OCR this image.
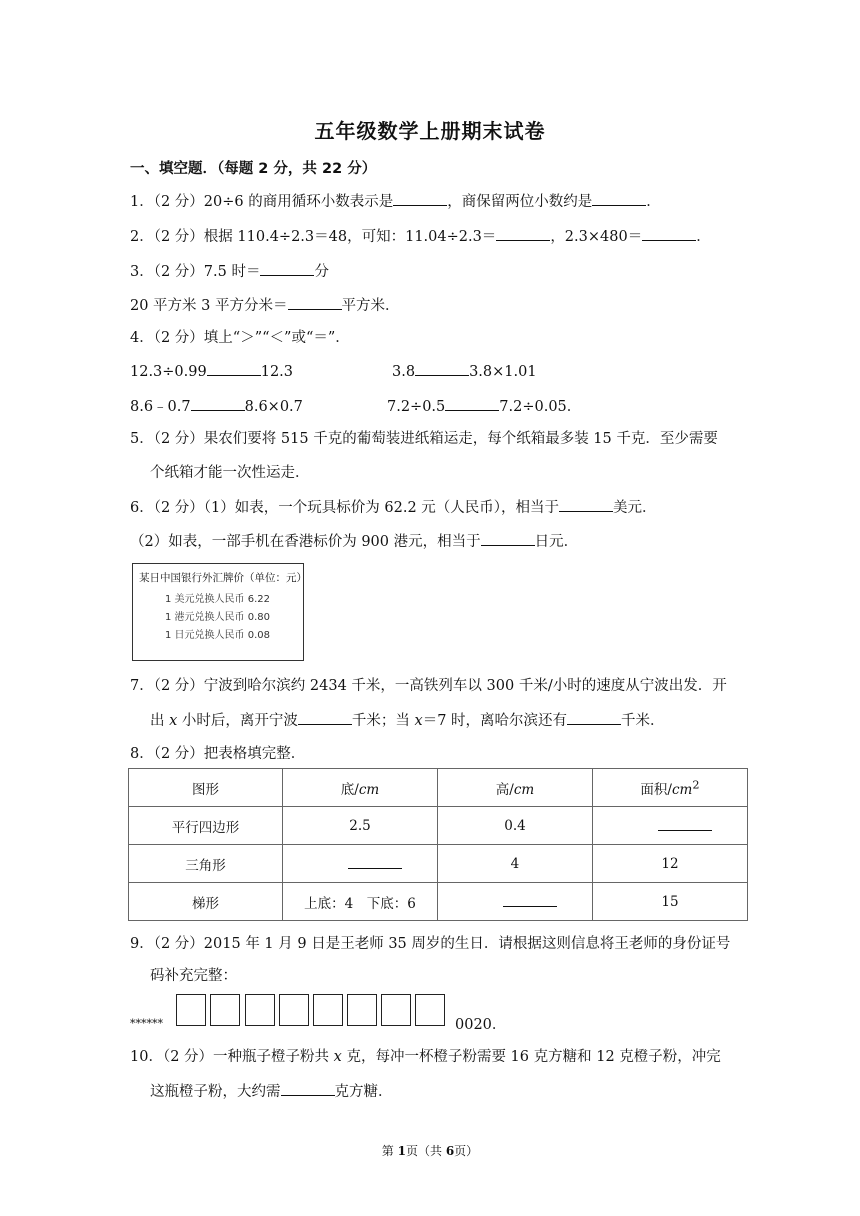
五年级数学上册期末试卷
一、填空题．（每题 2 分，共 22 分）
1．（2 分）20÷6 的商用循环小数表示是	，商保留两位小数约是	．
2．（2 分）根据 110.4÷2.3＝48，可知：11.04÷2.3＝	，2.3×480＝	．
3．（2 分）7.5 时＝	分
20 平方米 3 平方分米＝	平方米．
4．（2 分）填上“＞”“＜”或“＝”．
12.3÷0.99	12.3	3.8	3.8×1.01
8.6﹣0.7	8.6×0.7	7.2÷0.5	7.2÷0.05．
5．（2 分）果农们要将 515 千克的葡萄装进纸箱运走，每个纸箱最多装 15 千克．至少需要
个纸箱才能一次性运走．
6．（2 分）（1）如表，一个玩具标价为 62.2 元（人民币），相当于	美元．
（2）如表，一部手机在香港标价为 900 港元，相当于	日元．
某日中国银行外汇牌价（单位：元）
1 美元兑换人民币 6.22
1 港元兑换人民币 0.80
1 日元兑换人民币 0.08
7．（2 分）宁波到哈尔滨约 2434 千米，一高铁列车以 300 千米/小时的速度从宁波出发．开
出 x 小时后，离开宁波	千米；当 x＝7 时，离哈尔滨还有	千米．
8．（2 分）把表格填完整．
图形	底/cm	高/cm	面积$/cm^2$
平行四边形	2.5	0.4	
三角形		4	12
梯形	上底：4　下底：6		15
9．（2 分）2015 年 1 月 9 日是王老师 35 周岁的生日．请根据这则信息将王老师的身份证号
码补充完整：
******	0020．
10．（2 分）一种瓶子橙子粉共 x 克，每冲一杯橙子粉需要 16 克方糖和 12 克橙子粉，冲完
这瓶橙子粉，大约需	克方糖．
第 1页（共 6页）
